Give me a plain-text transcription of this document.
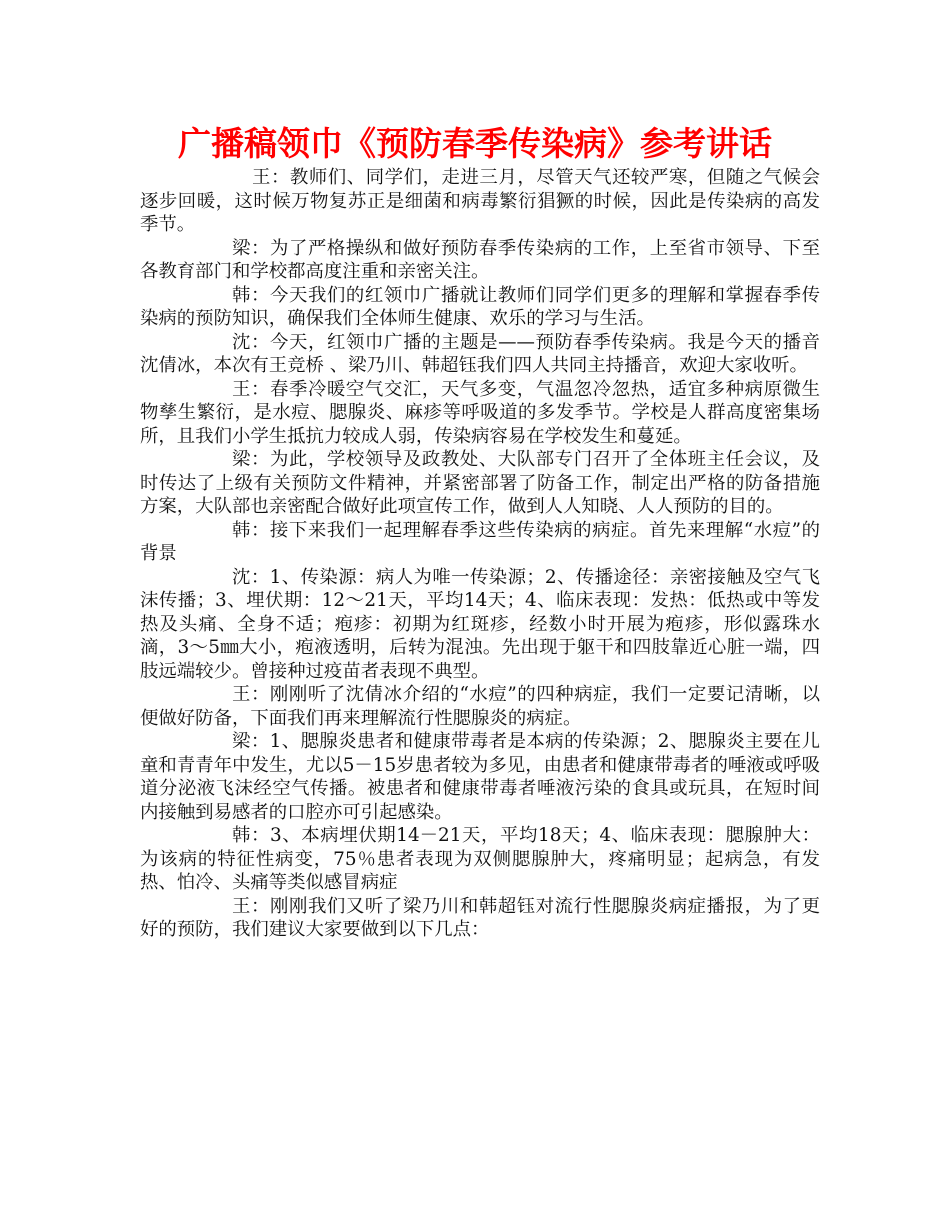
广播稿领巾《预防春季传染病》参考讲话

王：教师们、同学们，走进三月，尽管天气还较严寒，但随之气候会逐步回暖，这时候万物复苏正是细菌和病毒繁衍猖獗的时候，因此是传染病的高发季节。

梁：为了严格操纵和做好预防春季传染病的工作，上至省市领导、下至各教育部门和学校都高度注重和亲密关注。

韩：今天我们的红领巾广播就让教师们同学们更多的理解和掌握春季传染病的预防知识，确保我们全体师生健康、欢乐的学习与生活。

沈：今天，红领巾广播的主题是——预防春季传染病。我是今天的播音沈倩冰，本次有王竞桥 、梁乃川、韩超钰我们四人共同主持播音，欢迎大家收听。

王：春季冷暖空气交汇，天气多变，气温忽冷忽热，适宜多种病原微生物孳生繁衍，是水痘、腮腺炎、麻疹等呼吸道的多发季节。学校是人群高度密集场所，且我们小学生抵抗力较成人弱，传染病容易在学校发生和蔓延。

梁：为此，学校领导及政教处、大队部专门召开了全体班主任会议，及时传达了上级有关预防文件精神，并紧密部署了防备工作，制定出严格的防备措施方案，大队部也亲密配合做好此项宣传工作，做到人人知晓、人人预防的目的。

韩：接下来我们一起理解春季这些传染病的病症。首先来理解“水痘”的背景

沈：1、传染源：病人为唯一传染源；2、传播途径：亲密接触及空气飞沫传播；3、埋伏期：12～21天，平均14天；4、临床表现：发热：低热或中等发热及头痛、全身不适；疱疹：初期为红斑疹，经数小时开展为疱疹，形似露珠水滴，3～5㎜大小，疱液透明，后转为混浊。先出现于躯干和四肢靠近心脏一端，四肢远端较少。曾接种过疫苗者表现不典型。

王：刚刚听了沈倩冰介绍的“水痘”的四种病症，我们一定要记清晰，以便做好防备，下面我们再来理解流行性腮腺炎的病症。

梁：1、腮腺炎患者和健康带毒者是本病的传染源；2、腮腺炎主要在儿童和青青年中发生，尤以5－15岁患者较为多见，由患者和健康带毒者的唾液或呼吸道分泌液飞沫经空气传播。被患者和健康带毒者唾液污染的食具或玩具，在短时间内接触到易感者的口腔亦可引起感染。

韩：3、本病埋伏期14－21天，平均18天；4、临床表现：腮腺肿大：为该病的特征性病变，75％患者表现为双侧腮腺肿大，疼痛明显；起病急，有发热、怕冷、头痛等类似感冒病症

王：刚刚我们又听了梁乃川和韩超钰对流行性腮腺炎病症播报，为了更好的预防，我们建议大家要做到以下几点：
